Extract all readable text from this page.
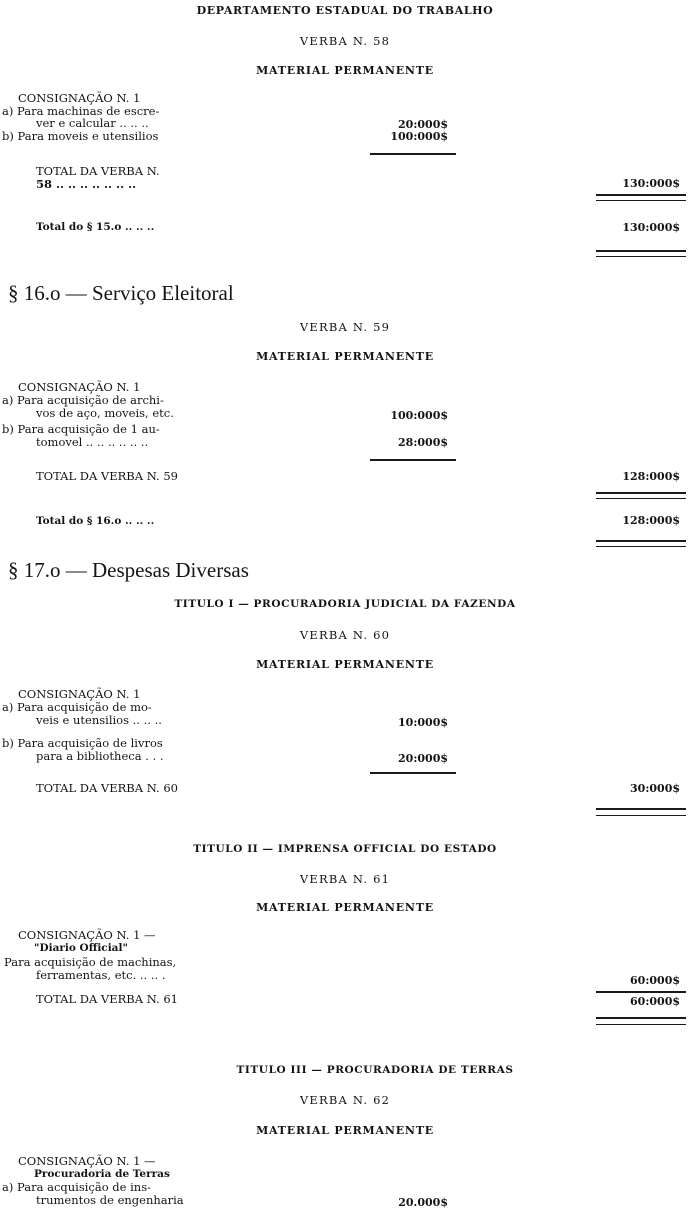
DEPARTAMENTO ESTADUAL DO TRABALHO
VERBA N. 58
MATERIAL PERMANENTE
CONSIGNAÇÃO N. 1
a) Para machinas de escre-
ver e calcular .. .. ..	20:000$
b) Para moveis e utensilios	100:000$
TOTAL DA VERBA N.
58 .. .. .. .. .. .. ..	130:000$
Total do § 15.o .. .. ..	130:000$
§ 16.o — Serviço Eleitoral
VERBA N. 59
MATERIAL PERMANENTE
CONSIGNAÇÃO N. 1
a) Para acquisição de archi-
vos de aço, moveis, etc.	100:000$
b) Para acquisição de 1 au-
tomovel .. .. .. .. .. ..	28:000$
TOTAL DA VERBA N. 59	128:000$
Total do § 16.o .. .. ..	128:000$
§ 17.o — Despesas Diversas
TITULO I — PROCURADORIA JUDICIAL DA FAZENDA
VERBA N. 60
MATERIAL PERMANENTE
CONSIGNAÇÃO N. 1
a) Para acquisição de mo-
veis e utensilios .. .. ..	10:000$
b) Para acquisição de livros
para a bibliotheca . . .	20:000$
TOTAL DA VERBA N. 60	30:000$
TITULO II — IMPRENSA OFFICIAL DO ESTADO
VERBA N. 61
MATERIAL PERMANENTE
CONSIGNAÇÃO N. 1 —
"Diario Official"
Para acquisição de machinas,
ferramentas, etc. .. .. .	60:000$
TOTAL DA VERBA N. 61	60:000$
TITULO III — PROCURADORIA DE TERRAS
VERBA N. 62
MATERIAL PERMANENTE
CONSIGNAÇÃO N. 1 —
Procuradoria de Terras
a) Para acquisição de ins-
trumentos de engenharia	20.000$
